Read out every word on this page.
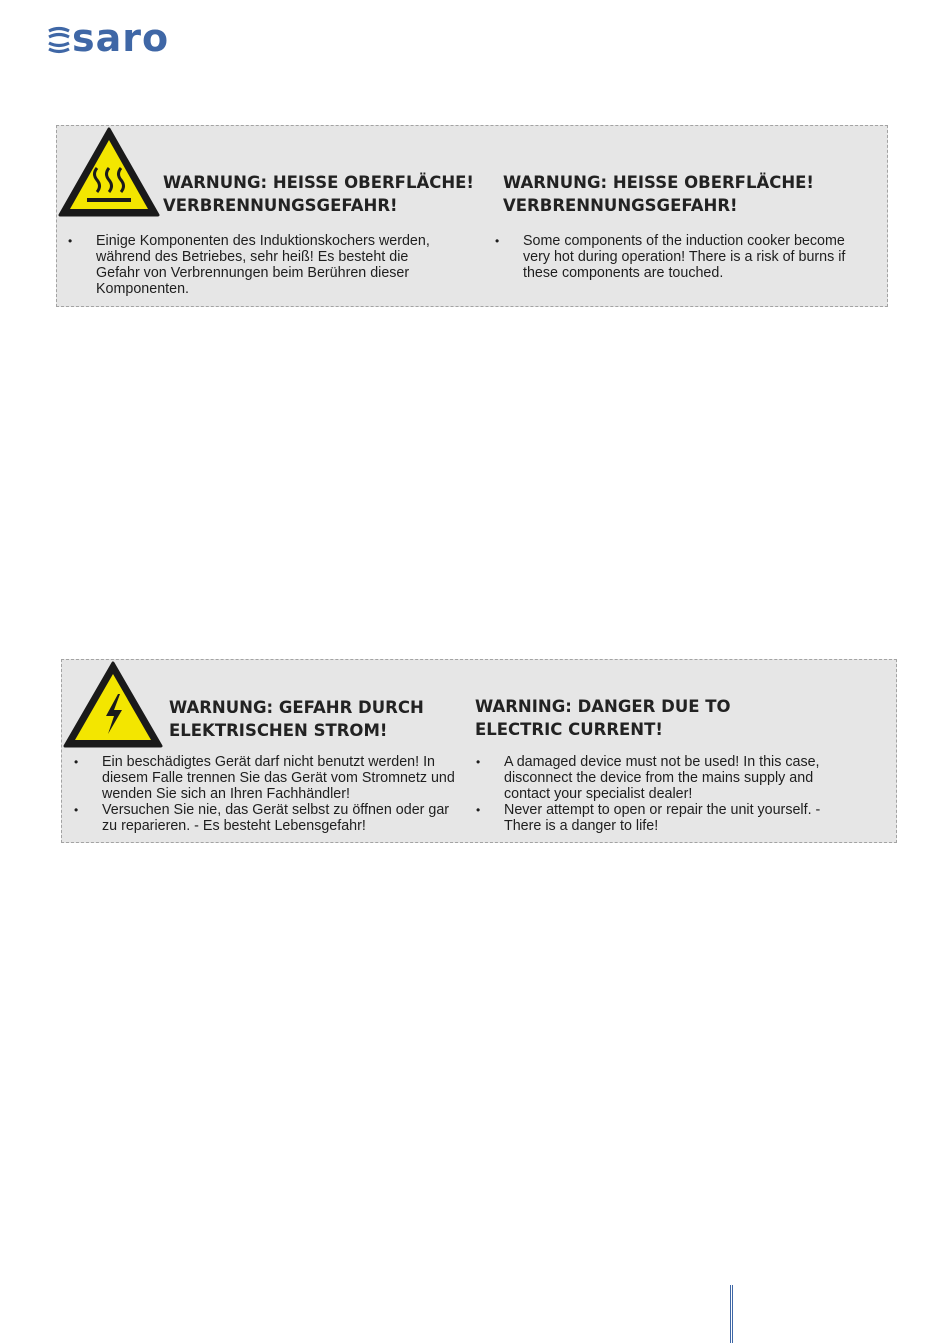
saro
WARNUNG: HEISSE OBERFLÄCHE!
VERBRENNUNGSGEFAHR!
WARNUNG: HEISSE OBERFLÄCHE!
VERBRENNUNGSGEFAHR!
• Einige Komponenten des Induktionskochers werden,
während des Betriebes, sehr heiß! Es besteht die
Gefahr von Verbrennungen beim Berühren dieser
Komponenten.
• Some components of the induction cooker become
very hot during operation! There is a risk of burns if
these components are touched.
WARNUNG: GEFAHR DURCH
ELEKTRISCHEN STROM!
WARNING: DANGER DUE TO
ELECTRIC CURRENT!
• Ein beschädigtes Gerät darf nicht benutzt werden! In
diesem Falle trennen Sie das Gerät vom Stromnetz und
wenden Sie sich an Ihren Fachhändler!
• Versuchen Sie nie, das Gerät selbst zu öffnen oder gar
zu reparieren. - Es besteht Lebensgefahr!
• A damaged device must not be used! In this case,
disconnect the device from the mains supply and
contact your specialist dealer!
• Never attempt to open or repair the unit yourself. -
There is a danger to life!
